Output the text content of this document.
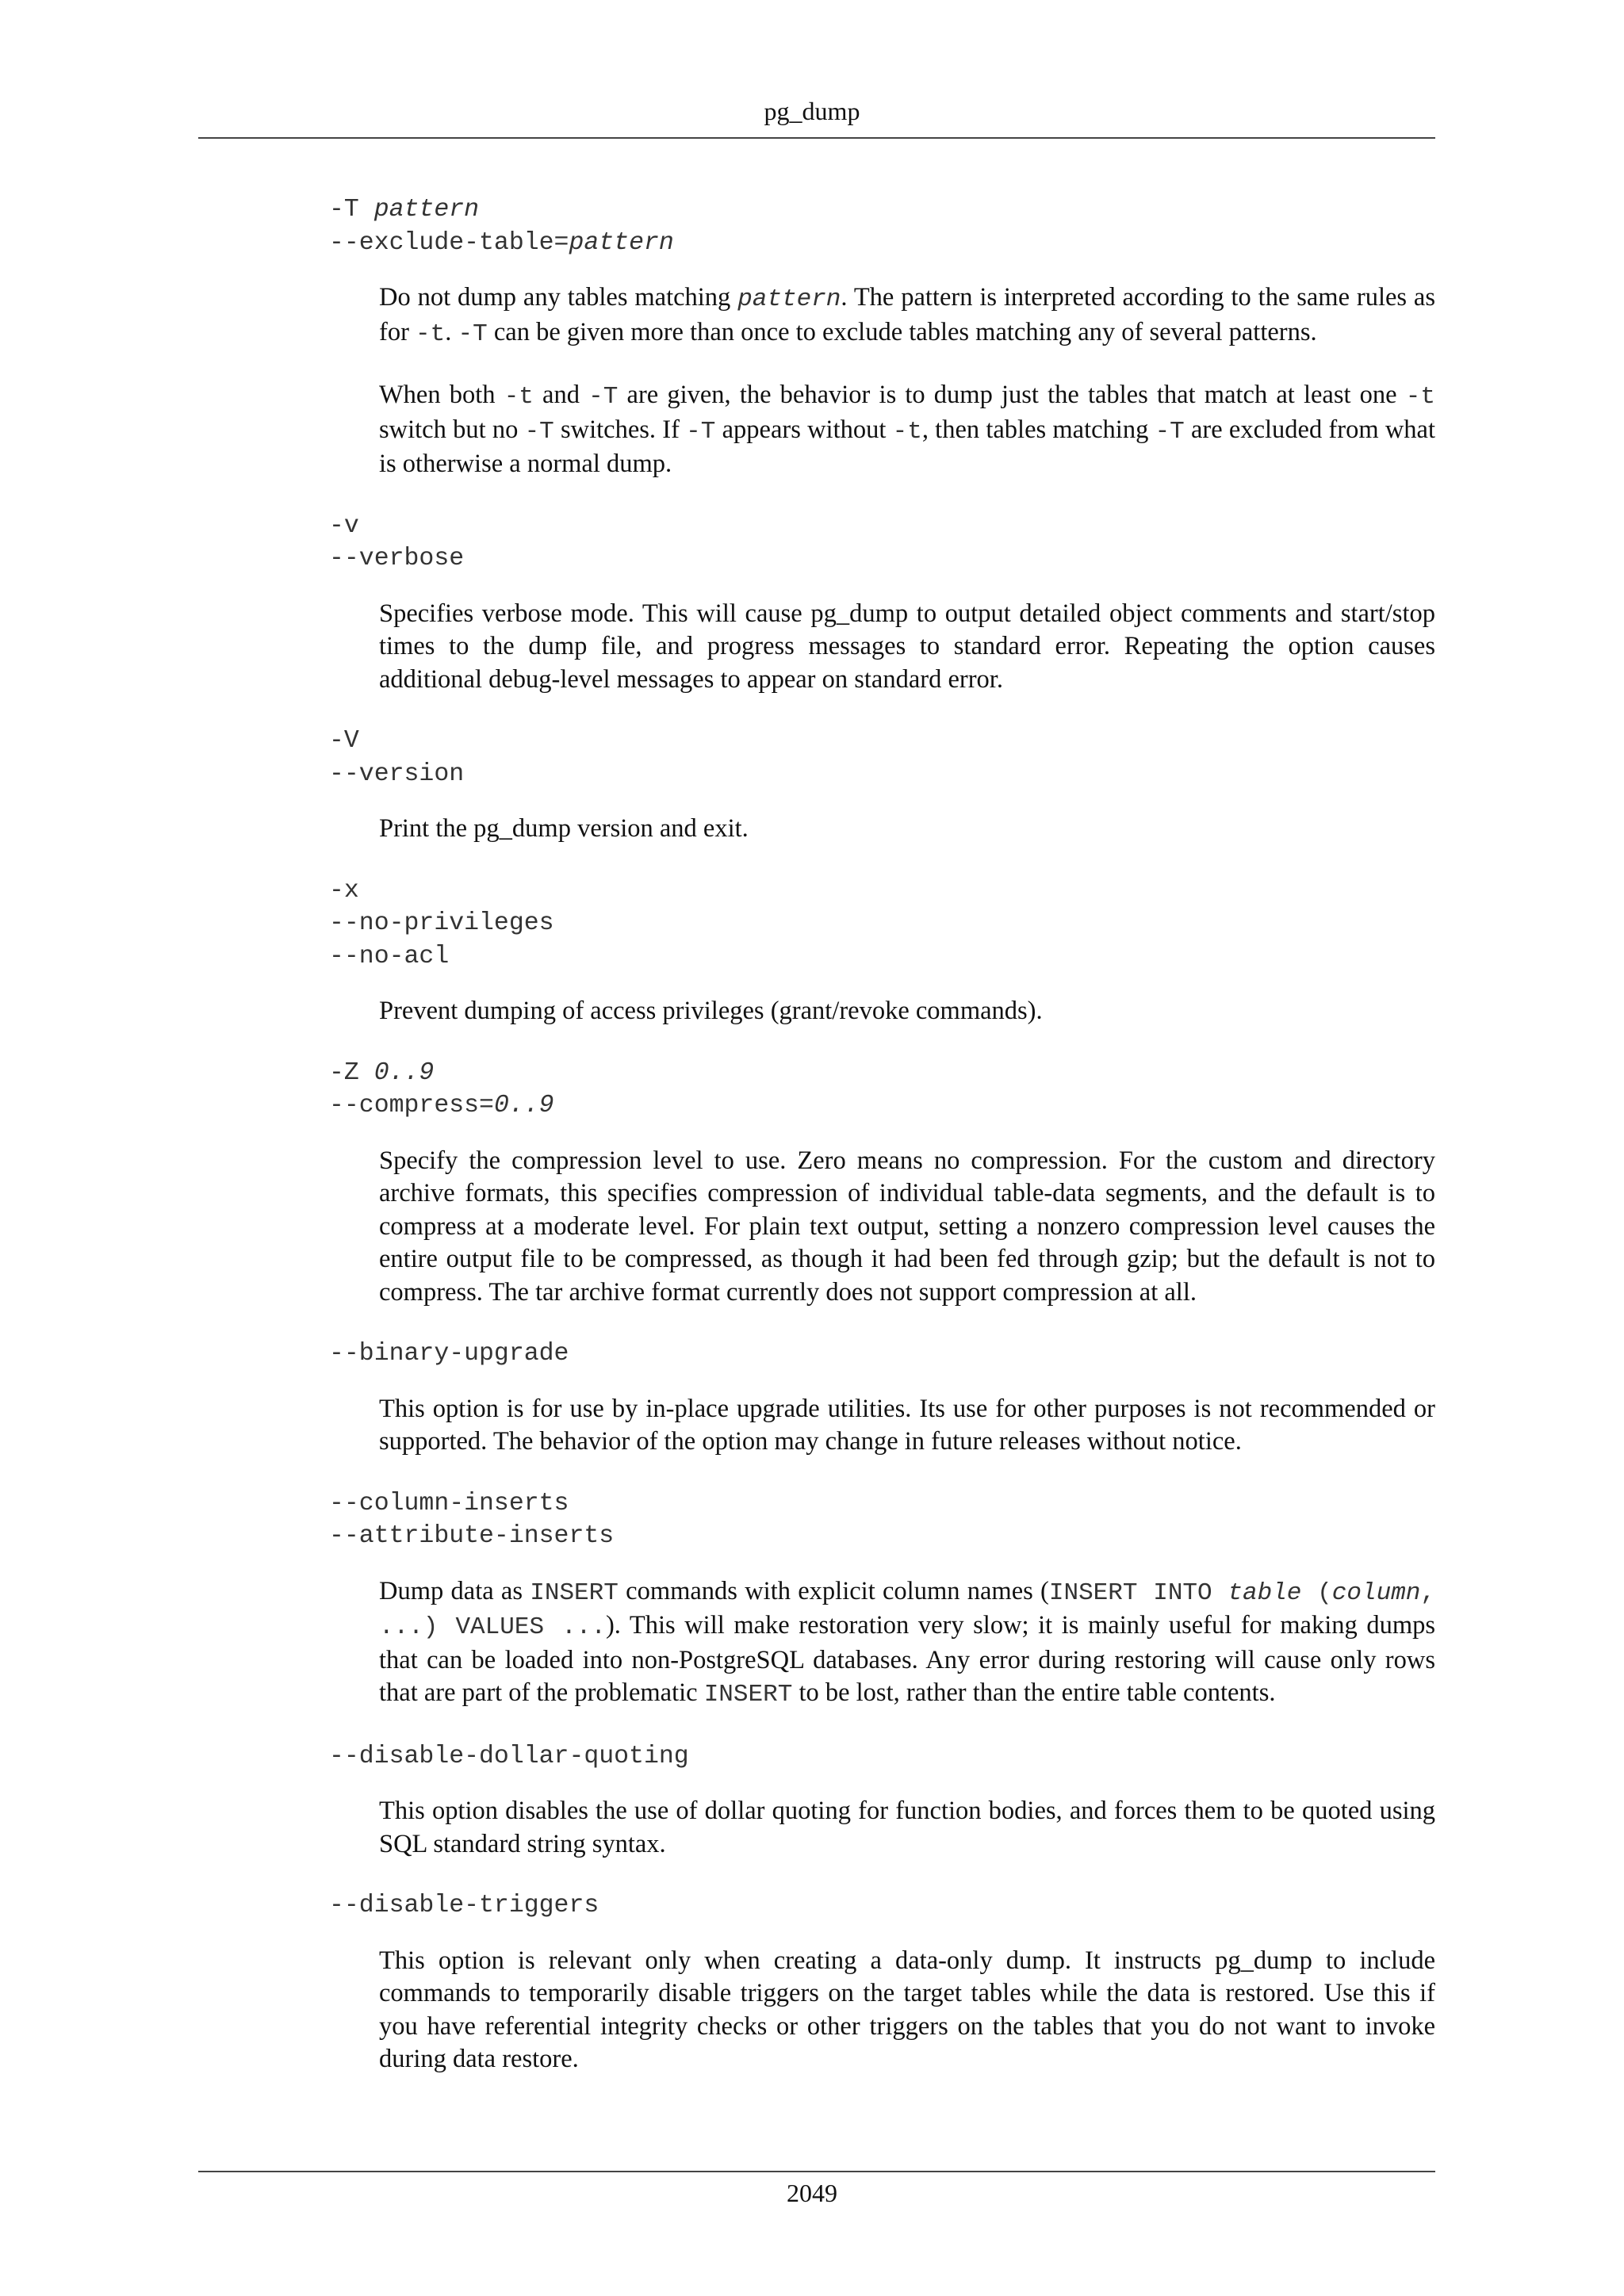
pg_dump
-T pattern
--exclude-table=pattern

Do not dump any tables matching pattern. The pattern is interpreted according to the same rules as for -t. -T can be given more than once to exclude tables matching any of several patterns.

When both -t and -T are given, the behavior is to dump just the tables that match at least one -t switch but no -T switches. If -T appears without -t, then tables matching -T are excluded from what is otherwise a normal dump.

-v
--verbose

Specifies verbose mode. This will cause pg_dump to output detailed object comments and start/stop times to the dump file, and progress messages to standard error. Repeating the option causes additional debug-level messages to appear on standard error.

-V
--version

Print the pg_dump version and exit.

-x
--no-privileges
--no-acl

Prevent dumping of access privileges (grant/revoke commands).

-Z 0..9
--compress=0..9

Specify the compression level to use. Zero means no compression. For the custom and directory archive formats, this specifies compression of individual table-data segments, and the default is to compress at a moderate level. For plain text output, setting a nonzero compression level causes the entire output file to be compressed, as though it had been fed through gzip; but the default is not to compress. The tar archive format currently does not support compression at all.

--binary-upgrade

This option is for use by in-place upgrade utilities. Its use for other purposes is not recommended or supported. The behavior of the option may change in future releases without notice.

--column-inserts
--attribute-inserts

Dump data as INSERT commands with explicit column names (INSERT INTO table (column, ...) VALUES ...). This will make restoration very slow; it is mainly useful for making dumps that can be loaded into non-PostgreSQL databases. Any error during restoring will cause only rows that are part of the problematic INSERT to be lost, rather than the entire table contents.

--disable-dollar-quoting

This option disables the use of dollar quoting for function bodies, and forces them to be quoted using SQL standard string syntax.

--disable-triggers

This option is relevant only when creating a data-only dump. It instructs pg_dump to include commands to temporarily disable triggers on the target tables while the data is restored. Use this if you have referential integrity checks or other triggers on the tables that you do not want to invoke during data restore.

2049
